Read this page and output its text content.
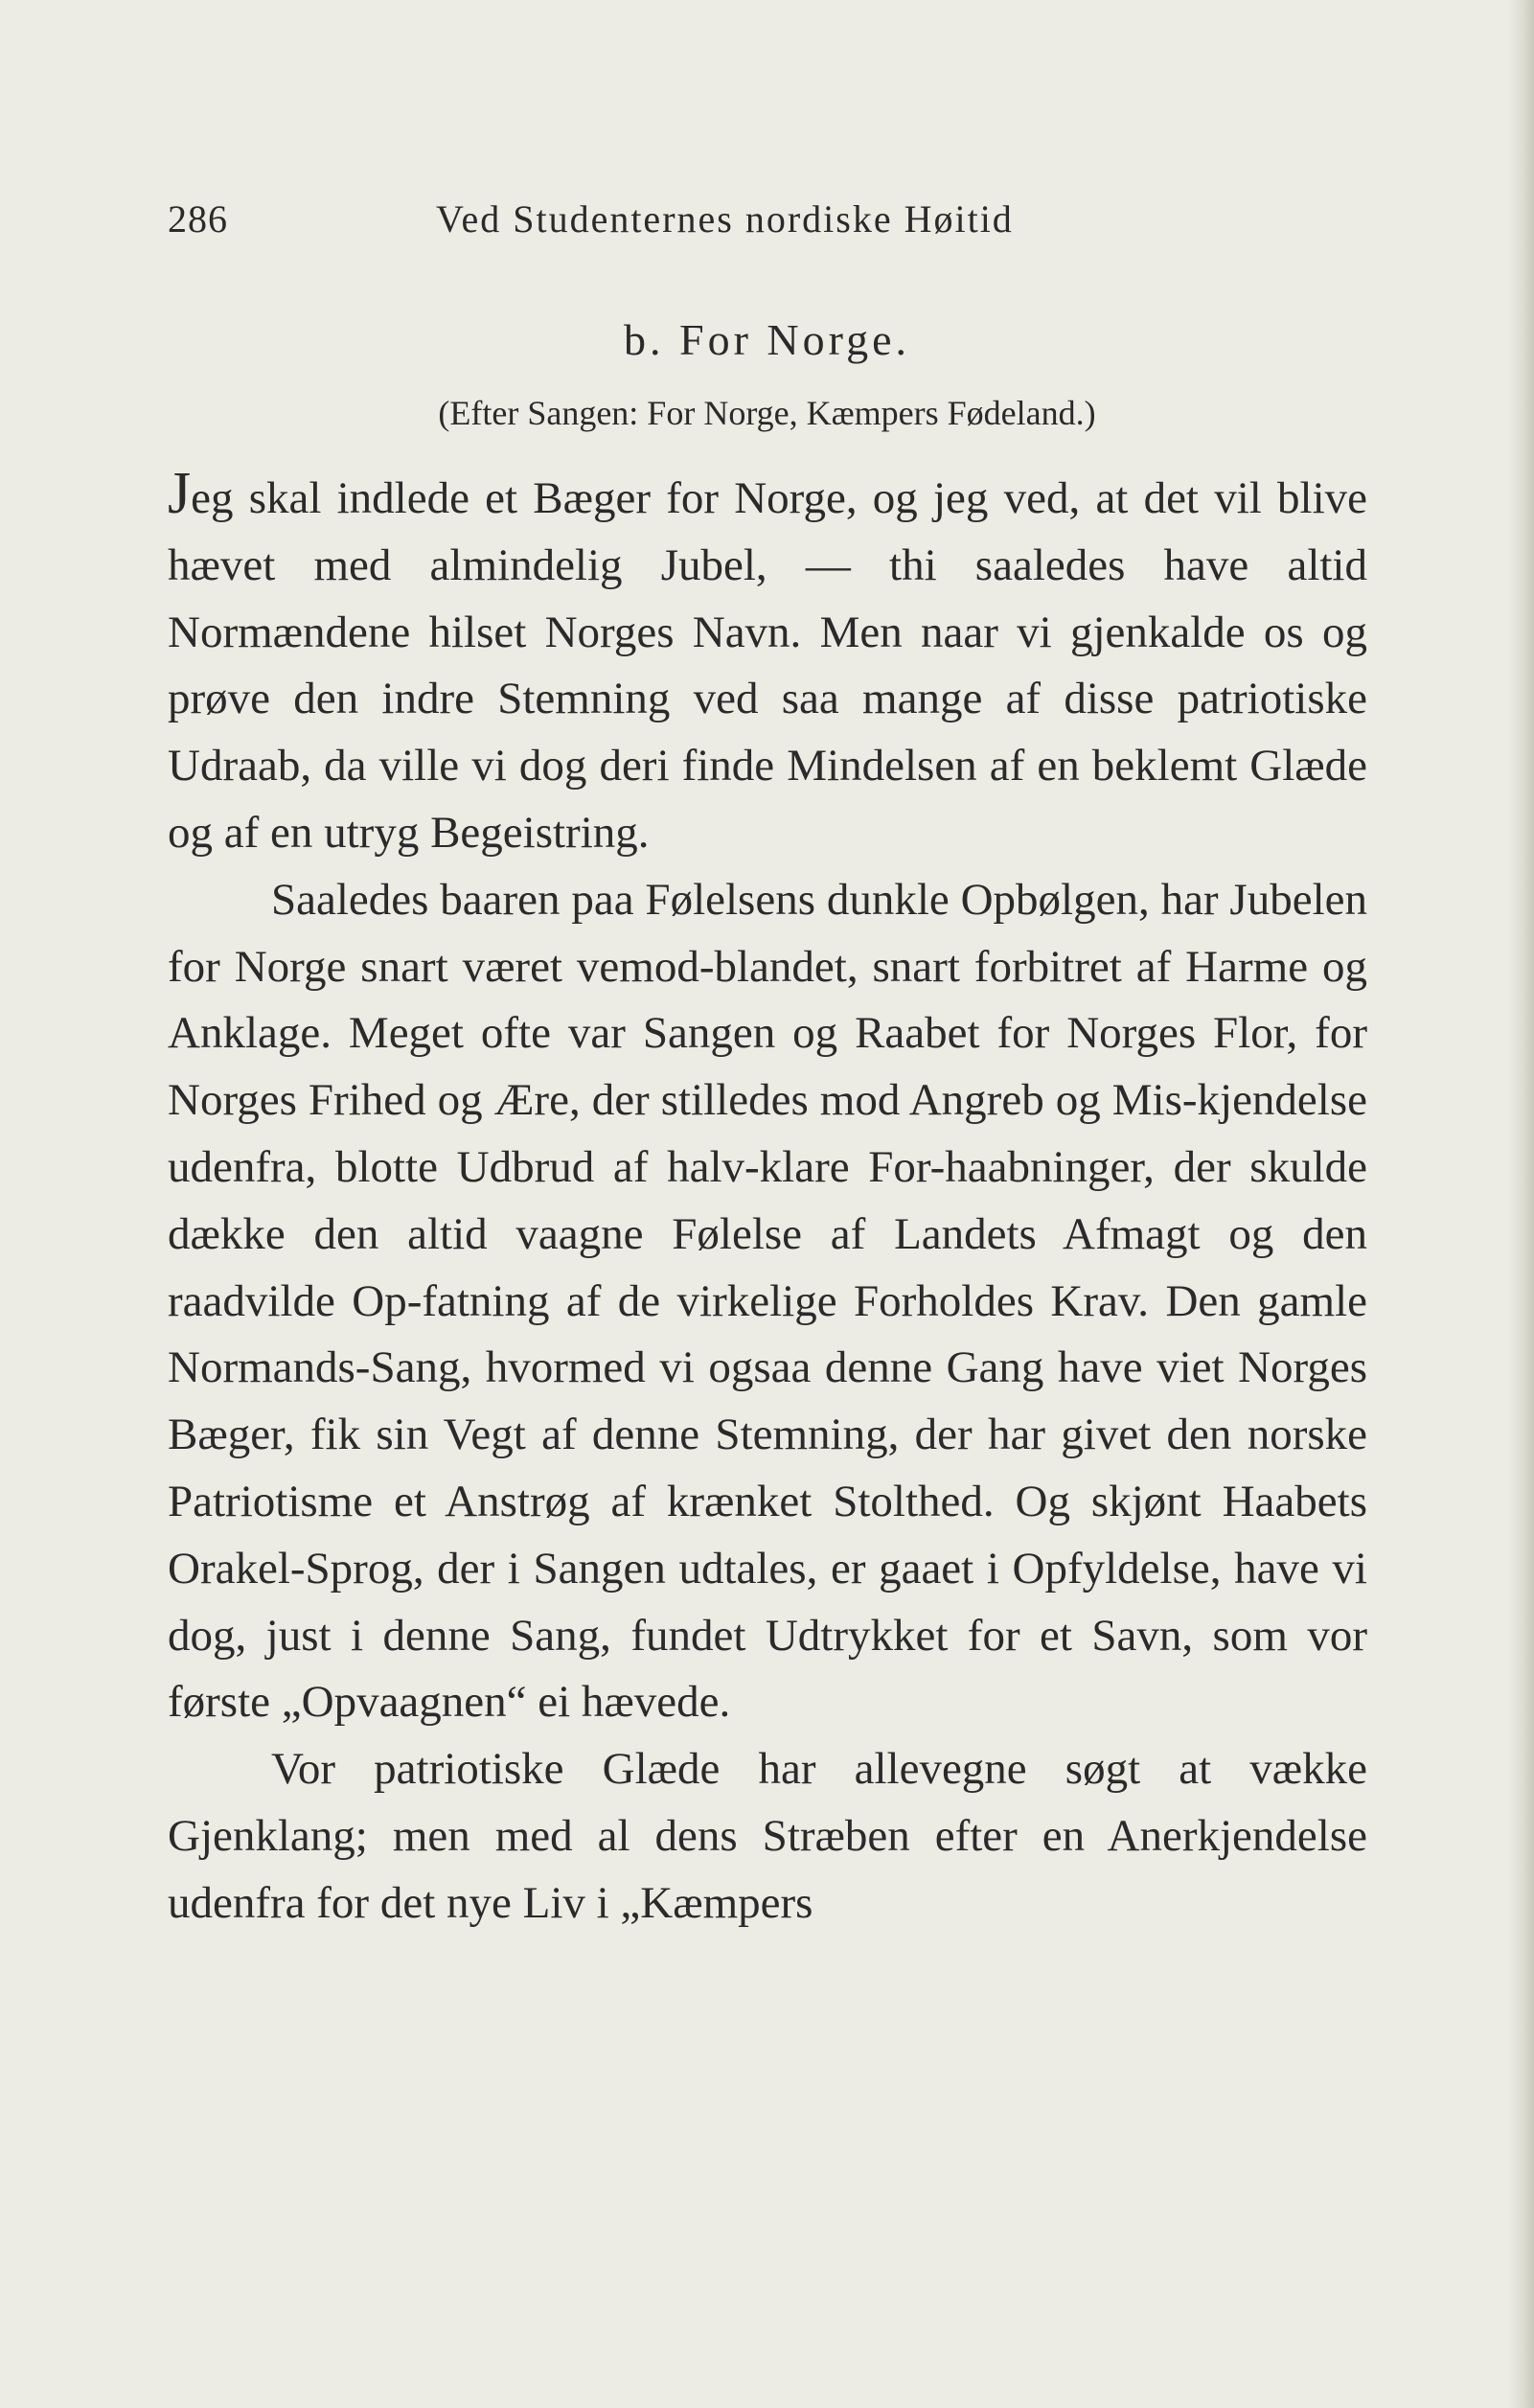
286	Ved Studenternes nordiske Høitid
b. For Norge.
(Efter Sangen: For Norge, Kæmpers Fødeland.)

Jeg skal indlede et Bæger for Norge, og jeg ved, at det vil blive hævet med almindelig Jubel, — thi saaledes have altid Normændene hilset Norges Navn. Men naar vi gjenkalde os og prøve den indre Stemning ved saa mange af disse patriotiske Udraab, da ville vi dog deri finde Mindelsen af en beklemt Glæde og af en utryg Begeistring.

Saaledes baaren paa Følelsens dunkle Opbølgen, har Jubelen for Norge snart været vemod-blandet, snart forbitret af Harme og Anklage. Meget ofte var Sangen og Raabet for Norges Flor, for Norges Frihed og Ære, der stilledes mod Angreb og Mis-kjendelse udenfra, blotte Udbrud af halv-klare For-haabninger, der skulde dække den altid vaagne Følelse af Landets Afmagt og den raadvilde Op-fatning af de virkelige Forholdes Krav. Den gamle Normands-Sang, hvormed vi ogsaa denne Gang have viet Norges Bæger, fik sin Vegt af denne Stemning, der har givet den norske Patriotisme et Anstrøg af krænket Stolthed. Og skjønt Haabets Orakel-Sprog, der i Sangen udtales, er gaaet i Opfyldelse, have vi dog, just i denne Sang, fundet Udtrykket for et Savn, som vor første „Opvaagnen“ ei hævede.

Vor patriotiske Glæde har allevegne søgt at vække Gjenklang; men med al dens Stræben efter en Anerkjendelse udenfra for det nye Liv i „Kæmpers
